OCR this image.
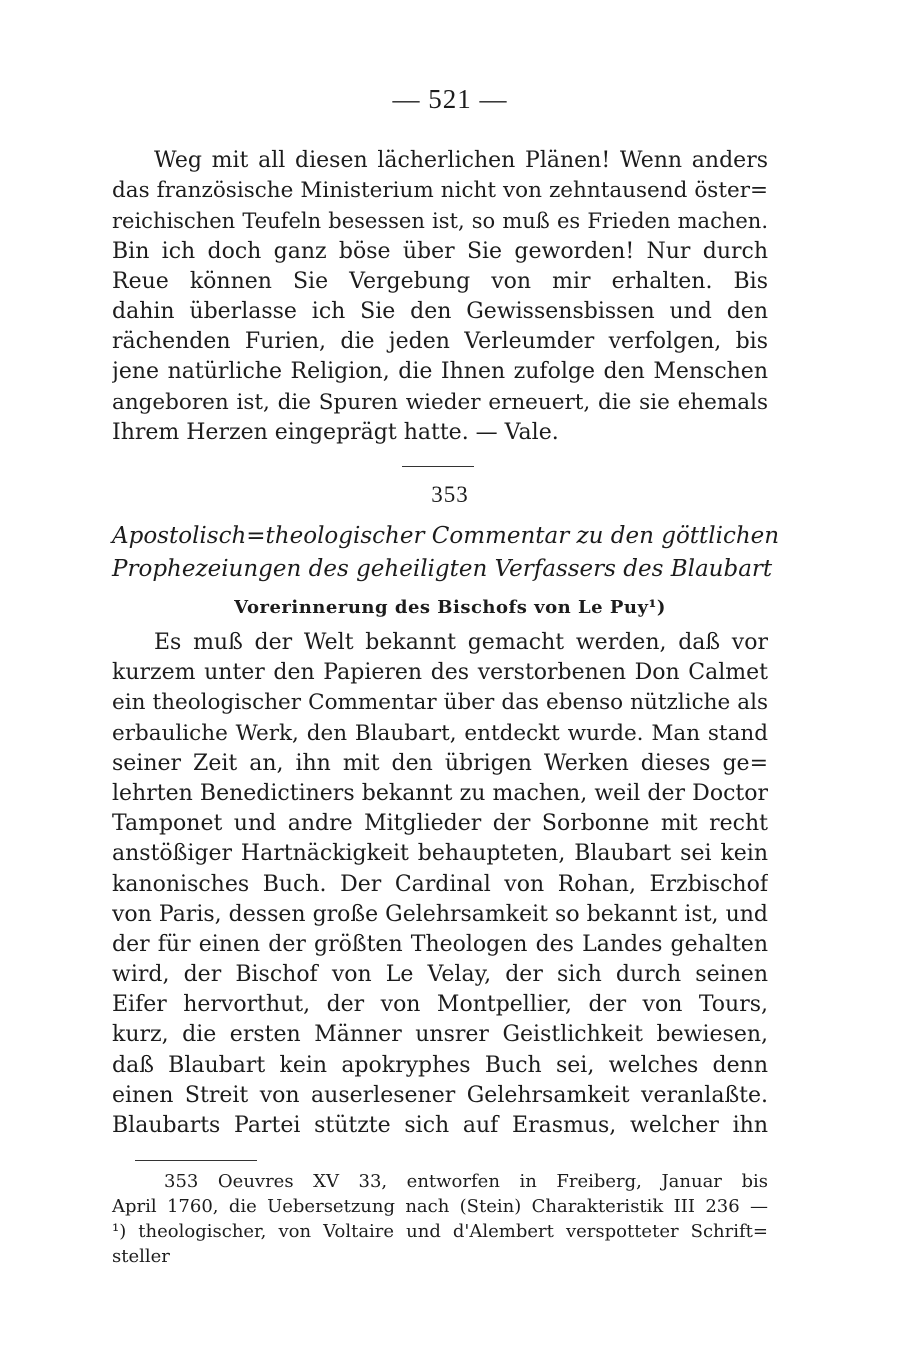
— 521 —
Weg mit all diesen lächerlichen Plänen! Wenn anders
das französische Ministerium nicht von zehntausend öster=
reichischen Teufeln besessen ist, so muß es Frieden machen.
Bin ich doch ganz böse über Sie geworden! Nur durch
Reue können Sie Vergebung von mir erhalten. Bis
dahin überlasse ich Sie den Gewissensbissen und den
rächenden Furien, die jeden Verleumder verfolgen, bis
jene natürliche Religion, die Ihnen zufolge den Menschen
angeboren ist, die Spuren wieder erneuert, die sie ehemals
Ihrem Herzen eingeprägt hatte. — Vale.
353
Apostolisch=theologischer Commentar zu den göttlichen
Prophezeiungen des geheiligten Verfassers des Blaubart
Vorerinnerung des Bischofs von Le Puy¹)
Es muß der Welt bekannt gemacht werden, daß vor
kurzem unter den Papieren des verstorbenen Don Calmet
ein theologischer Commentar über das ebenso nützliche als
erbauliche Werk, den Blaubart, entdeckt wurde. Man stand
seiner Zeit an, ihn mit den übrigen Werken dieses ge=
lehrten Benedictiners bekannt zu machen, weil der Doctor
Tamponet und andre Mitglieder der Sorbonne mit recht
anstößiger Hartnäckigkeit behaupteten, Blaubart sei kein
kanonisches Buch. Der Cardinal von Rohan, Erzbischof
von Paris, dessen große Gelehrsamkeit so bekannt ist, und
der für einen der größten Theologen des Landes gehalten
wird, der Bischof von Le Velay, der sich durch seinen
Eifer hervorthut, der von Montpellier, der von Tours,
kurz, die ersten Männer unsrer Geistlichkeit bewiesen,
daß Blaubart kein apokryphes Buch sei, welches denn
einen Streit von auserlesener Gelehrsamkeit veranlaßte.
Blaubarts Partei stützte sich auf Erasmus, welcher ihn
353 Oeuvres XV 33, entworfen in Freiberg, Januar bis
April 1760, die Uebersetzung nach (Stein) Charakteristik III 236 —
¹) theologischer, von Voltaire und d'Alembert verspotteter Schrift=
steller
